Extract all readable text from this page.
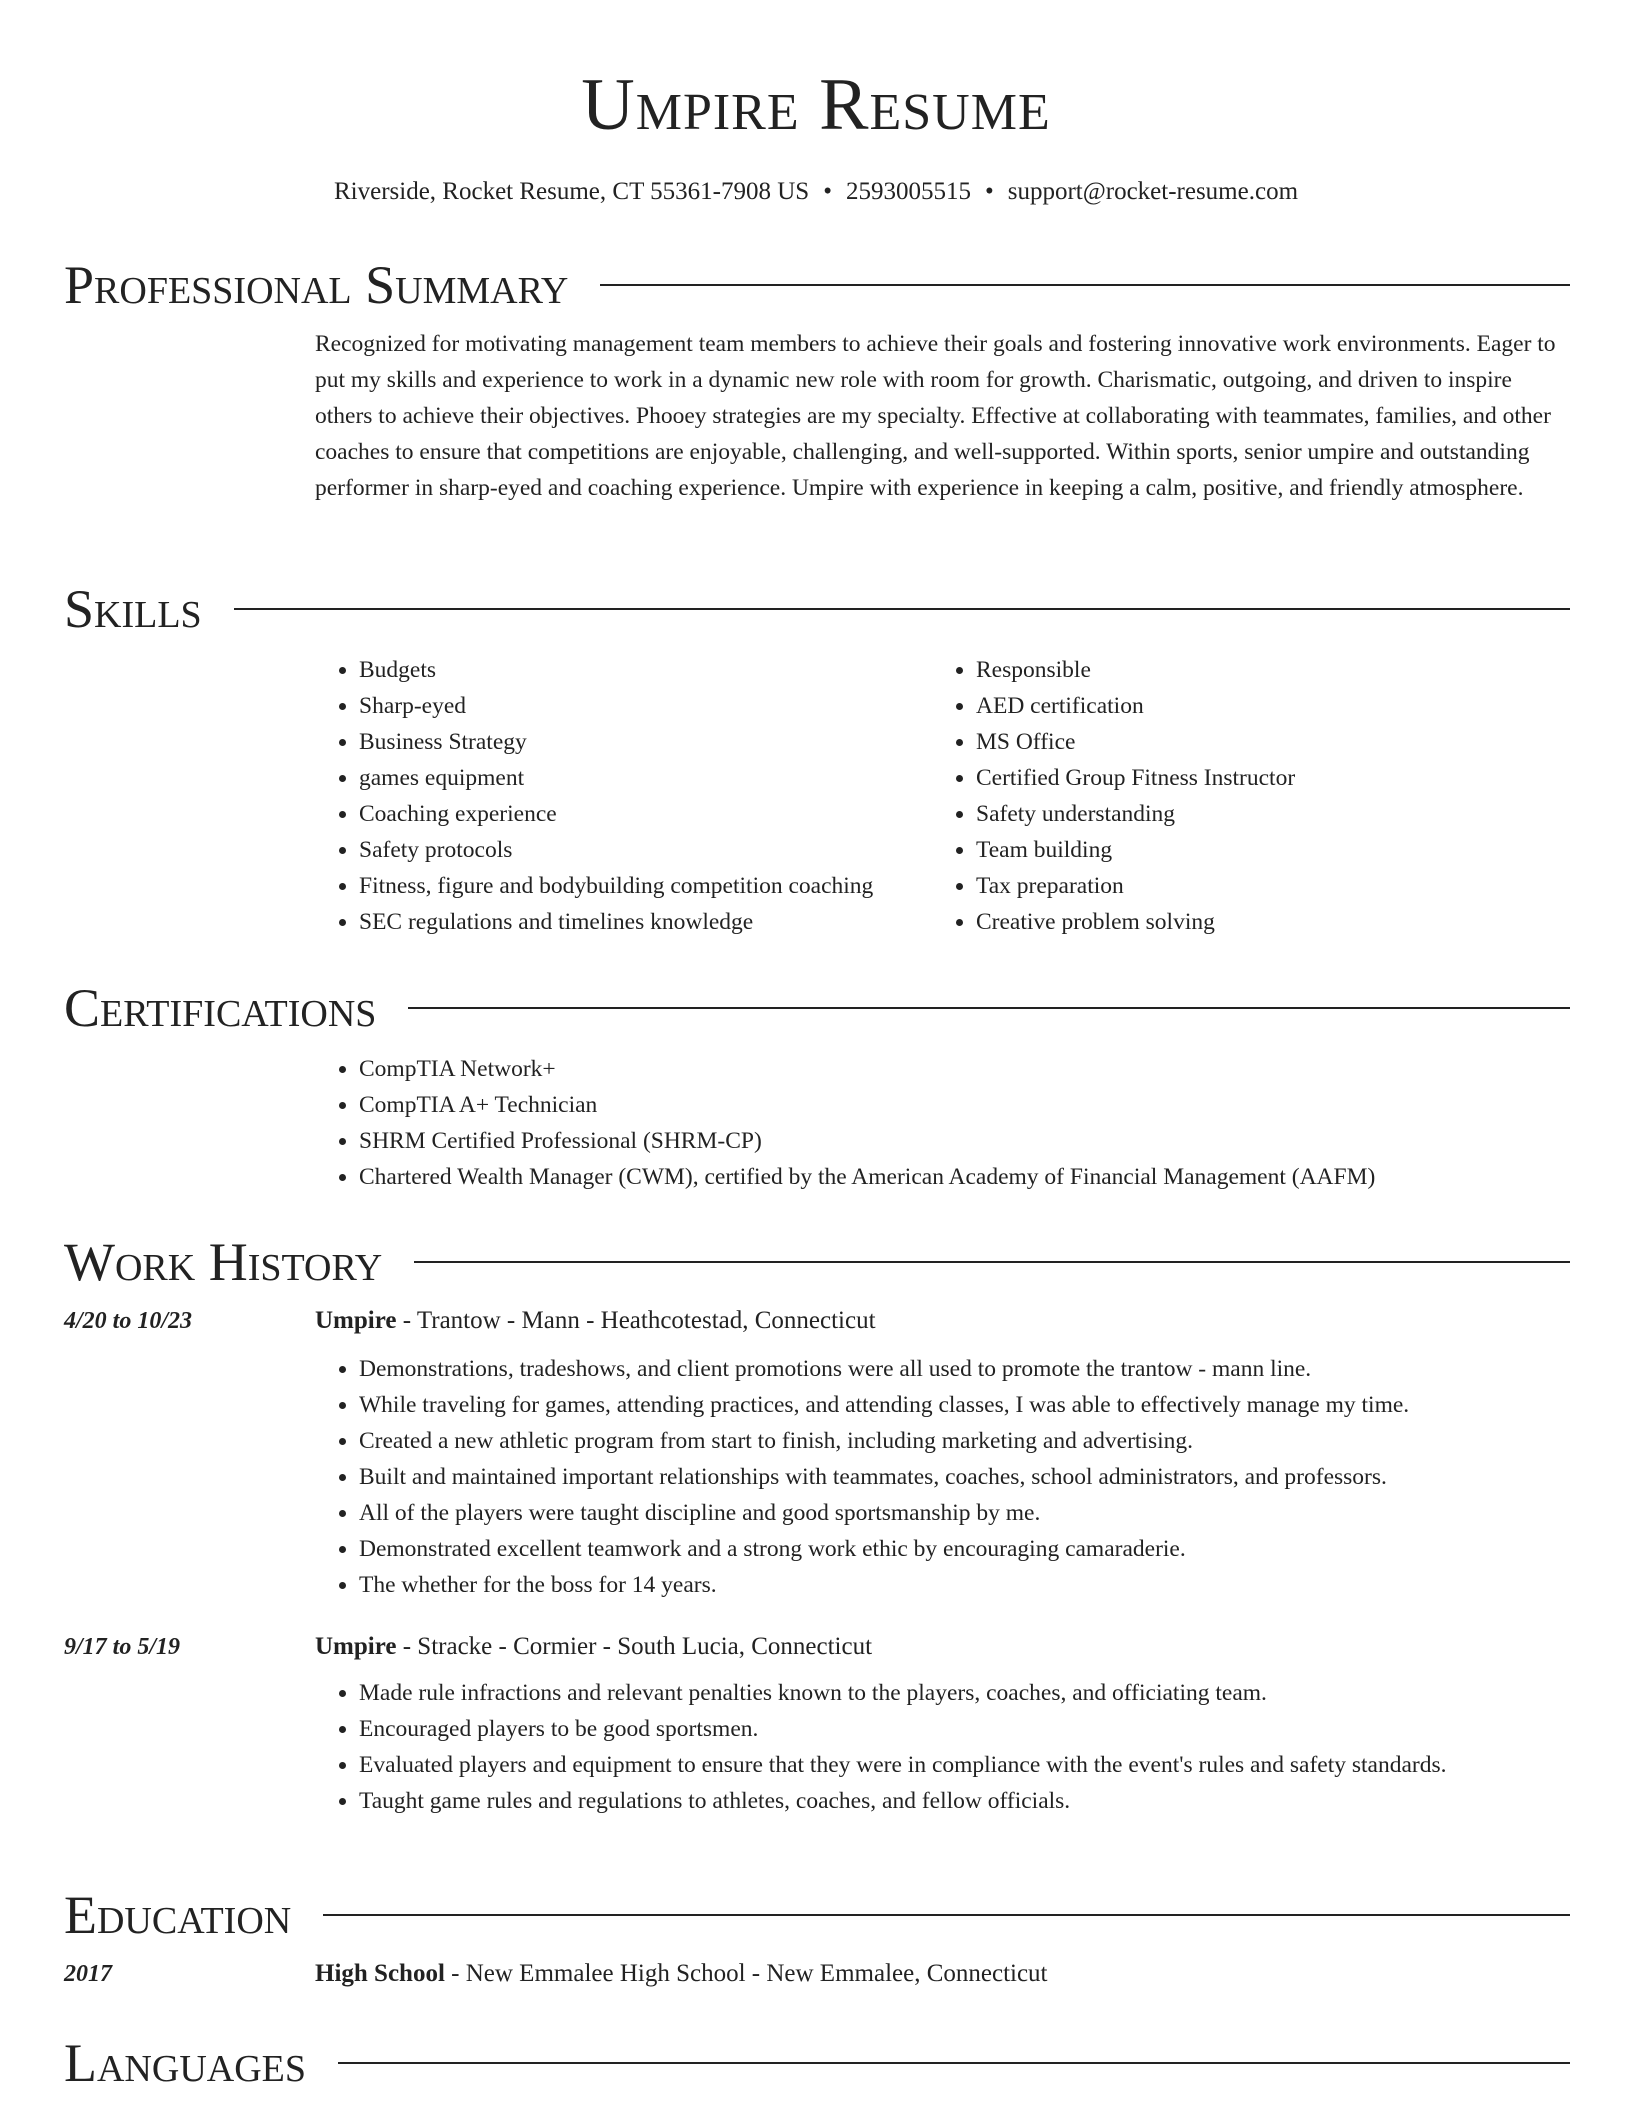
Umpire Resume
Riverside, Rocket Resume, CT 55361-7908 US • 2593005515 • support@rocket-resume.com
Professional Summary

Recognized for motivating management team members to achieve their goals and fostering innovative work environments. Eager to put my skills and experience to work in a dynamic new role with room for growth. Charismatic, outgoing, and driven to inspire others to achieve their objectives. Phooey strategies are my specialty. Effective at collaborating with teammates, families, and other coaches to ensure that competitions are enjoyable, challenging, and well-supported. Within sports, senior umpire and outstanding performer in sharp-eyed and coaching experience. Umpire with experience in keeping a calm, positive, and friendly atmosphere.

Skills
• Budgets
• Sharp-eyed
• Business Strategy
• games equipment
• Coaching experience
• Safety protocols
• Fitness, figure and bodybuilding competition coaching
• SEC regulations and timelines knowledge
• Responsible
• AED certification
• MS Office
• Certified Group Fitness Instructor
• Safety understanding
• Team building
• Tax preparation
• Creative problem solving
Certifications
• CompTIA Network+
• CompTIA A+ Technician
• SHRM Certified Professional (SHRM-CP)
• Chartered Wealth Manager (CWM), certified by the American Academy of Financial Management (AAFM)
Work History
4/20 to 10/23	Umpire - Trantow - Mann - Heathcotestad, Connecticut
• Demonstrations, tradeshows, and client promotions were all used to promote the trantow - mann line.
• While traveling for games, attending practices, and attending classes, I was able to effectively manage my time.
• Created a new athletic program from start to finish, including marketing and advertising.
• Built and maintained important relationships with teammates, coaches, school administrators, and professors.
• All of the players were taught discipline and good sportsmanship by me.
• Demonstrated excellent teamwork and a strong work ethic by encouraging camaraderie.
• The whether for the boss for 14 years.
9/17 to 5/19	Umpire - Stracke - Cormier - South Lucia, Connecticut
• Made rule infractions and relevant penalties known to the players, coaches, and officiating team.
• Encouraged players to be good sportsmen.
• Evaluated players and equipment to ensure that they were in compliance with the event's rules and safety standards.
• Taught game rules and regulations to athletes, coaches, and fellow officials.
Education
2017	High School - New Emmalee High School - New Emmalee, Connecticut
Languages
